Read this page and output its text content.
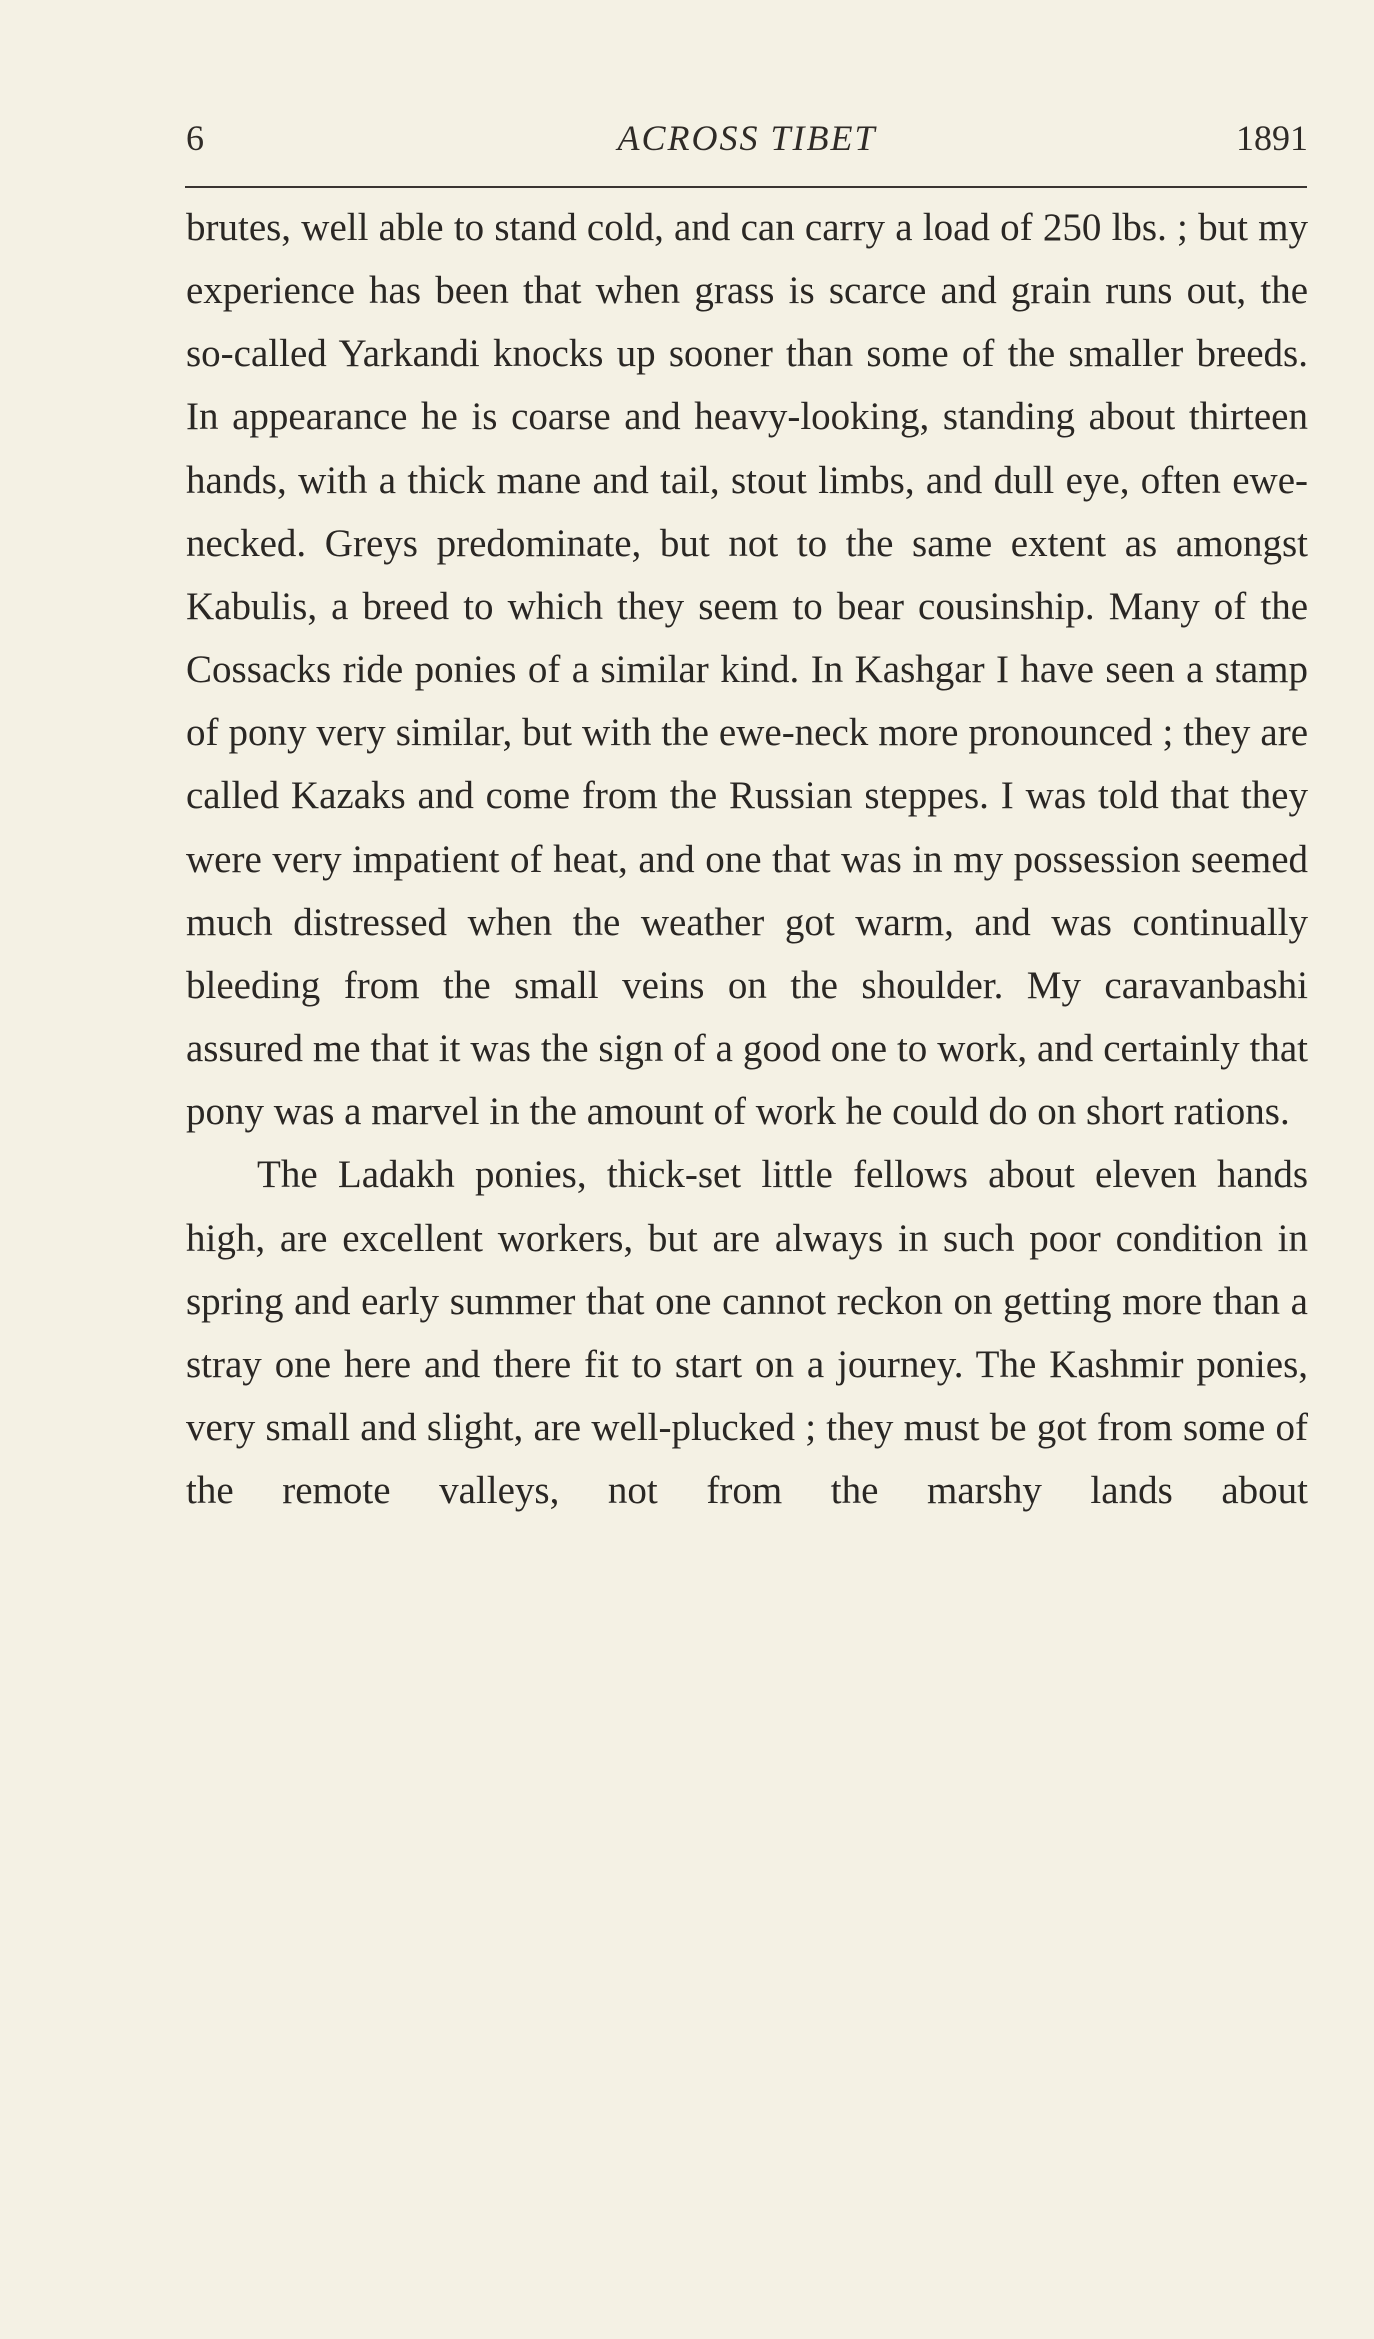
6	ACROSS TIBET	1891

brutes, well able to stand cold, and can carry a load of 250 lbs. ; but my experience has been that when grass is scarce and grain runs out, the so-called Yarkandi knocks up sooner than some of the smaller breeds. In appearance he is coarse and heavy-looking, standing about thirteen hands, with a thick mane and tail, stout limbs, and dull eye, often ewe-necked. Greys predominate, but not to the same extent as amongst Kabulis, a breed to which they seem to bear cousinship. Many of the Cossacks ride ponies of a similar kind. In Kashgar I have seen a stamp of pony very similar, but with the ewe-neck more pronounced ; they are called Kazaks and come from the Russian steppes. I was told that they were very impatient of heat, and one that was in my possession seemed much distressed when the weather got warm, and was continually bleeding from the small veins on the shoulder. My caravanbashi assured me that it was the sign of a good one to work, and certainly that pony was a marvel in the amount of work he could do on short rations.

The Ladakh ponies, thick-set little fellows about eleven hands high, are excellent workers, but are always in such poor condition in spring and early summer that one cannot reckon on getting more than a stray one here and there fit to start on a journey. The Kashmir ponies, very small and slight, are well-plucked ; they must be got from some of the remote valleys, not from the marshy lands about
